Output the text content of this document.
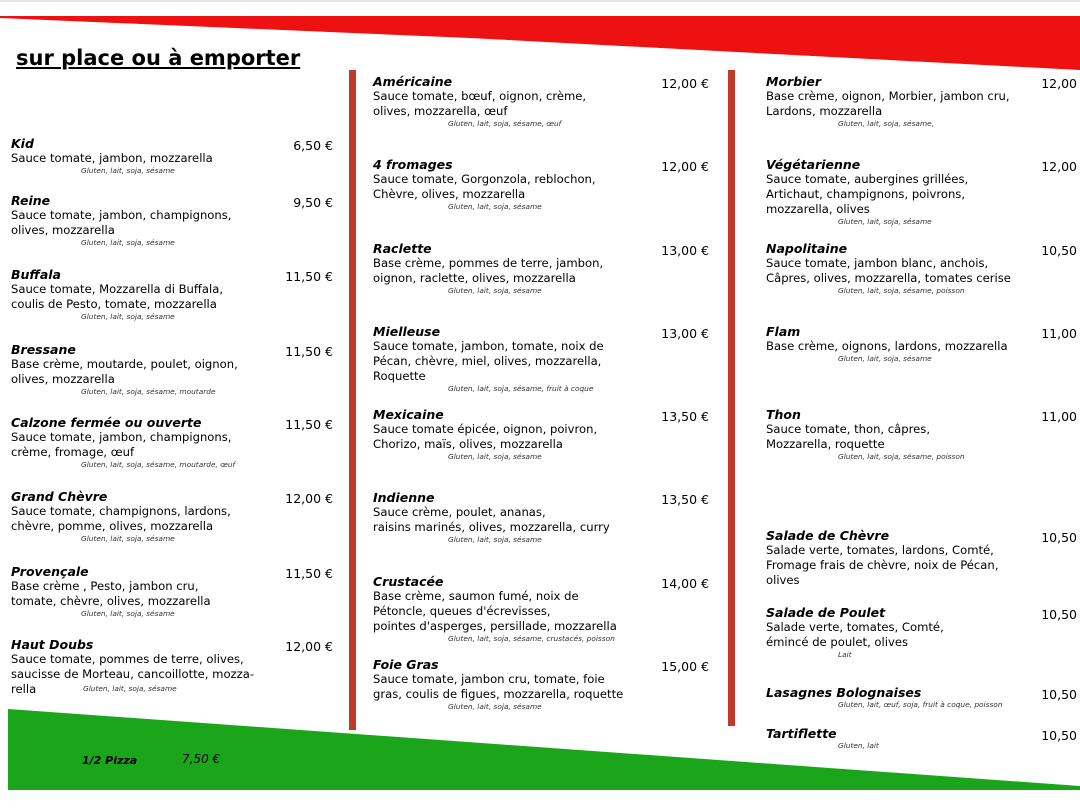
sur place ou à emporter
1/2 Pizza	7,50 €
Kid
Sauce tomate, jambon, mozzarella
Gluten, lait, soja, sésame
6,50 €
Reine
Sauce tomate, jambon, champignons,
olives, mozzarella
Gluten, lait, soja, sésame
9,50 €
Buffala
Sauce tomate, Mozzarella di Buffala,
coulis de Pesto, tomate, mozzarella
Gluten, lait, soja, sésame
11,50 €
Bressane
Base crème, moutarde, poulet, oignon,
olives, mozzarella
Gluten, lait, soja, sésame, moutarde
11,50 €
Calzone fermée ou ouverte
Sauce tomate, jambon, champignons,
crème, fromage, œuf
Gluten, lait, soja, sésame, moutarde, œuf
11,50 €
Grand Chèvre
Sauce tomate, champignons, lardons,
chèvre, pomme, olives, mozzarella
Gluten, lait, soja, sésame
12,00 €
Provençale
Base crème , Pesto, jambon cru,
tomate, chèvre, olives, mozzarella
Gluten, lait, soja, sésame
11,50 €
Haut Doubs
Sauce tomate, pommes de terre, olives,
saucisse de Morteau, cancoillotte, mozza-
rella	Gluten, lait, soja, sésame
12,00 €
Américaine
Sauce tomate, bœuf, oignon, crème,
olives, mozzarella, œuf
Gluten, lait, soja, sésame, œuf
12,00 €
4 fromages
Sauce tomate, Gorgonzola, reblochon,
Chèvre, olives, mozzarella
Gluten, lait, soja, sésame
12,00 €
Raclette
Base crème, pommes de terre, jambon,
oignon, raclette, olives, mozzarella
Gluten, lait, soja, sésame
13,00 €
Mielleuse
Sauce tomate, jambon, tomate, noix de
Pécan, chèvre, miel, olives, mozzarella,
Roquette
Gluten, lait, soja, sésame, fruit à coque
13,00 €
Mexicaine
Sauce tomate épicée, oignon, poivron,
Chorizo, maïs, olives, mozzarella
Gluten, lait, soja, sésame
13,50 €
Indienne
Sauce crème, poulet, ananas,
raisins marinés, olives, mozzarella, curry
Gluten, lait, soja, sésame
13,50 €
Crustacée
Base crème, saumon fumé, noix de
Pétoncle, queues d'écrevisses,
pointes d'asperges, persillade, mozzarella
Gluten, lait, soja, sésame, crustacés, poisson
14,00 €
Foie Gras
Sauce tomate, jambon cru, tomate, foie
gras, coulis de figues, mozzarella, roquette
Gluten, lait, soja, sésame
15,00 €
Morbier
Base crème, oignon, Morbier, jambon cru,
Lardons, mozzarella
Gluten, lait, soja, sésame,
12,00
Végétarienne
Sauce tomate, aubergines grillées,
Artichaut, champignons, poivrons,
mozzarella, olives
Gluten, lait, soja, sésame
12,00
Napolitaine
Sauce tomate, jambon blanc, anchois,
Câpres, olives, mozzarella, tomates cerise
Gluten, lait, soja, sésame, poisson
10,50
Flam
Base crème, oignons, lardons, mozzarella
Gluten, lait, soja, sésame
11,00
Thon
Sauce tomate, thon, câpres,
Mozzarella, roquette
Gluten, lait, soja, sésame, poisson
11,00
Salade de Chèvre
Salade verte, tomates, lardons, Comté,
Fromage frais de chèvre, noix de Pécan,
olives
10,50
Salade de Poulet
Salade verte, tomates, Comté,
émincé de poulet, olives
Lait
10,50
Lasagnes Bolognaises
Gluten, lait, œuf, soja, fruit à coque, poisson
10,50
Tartiflette
Gluten, lait
10,50
